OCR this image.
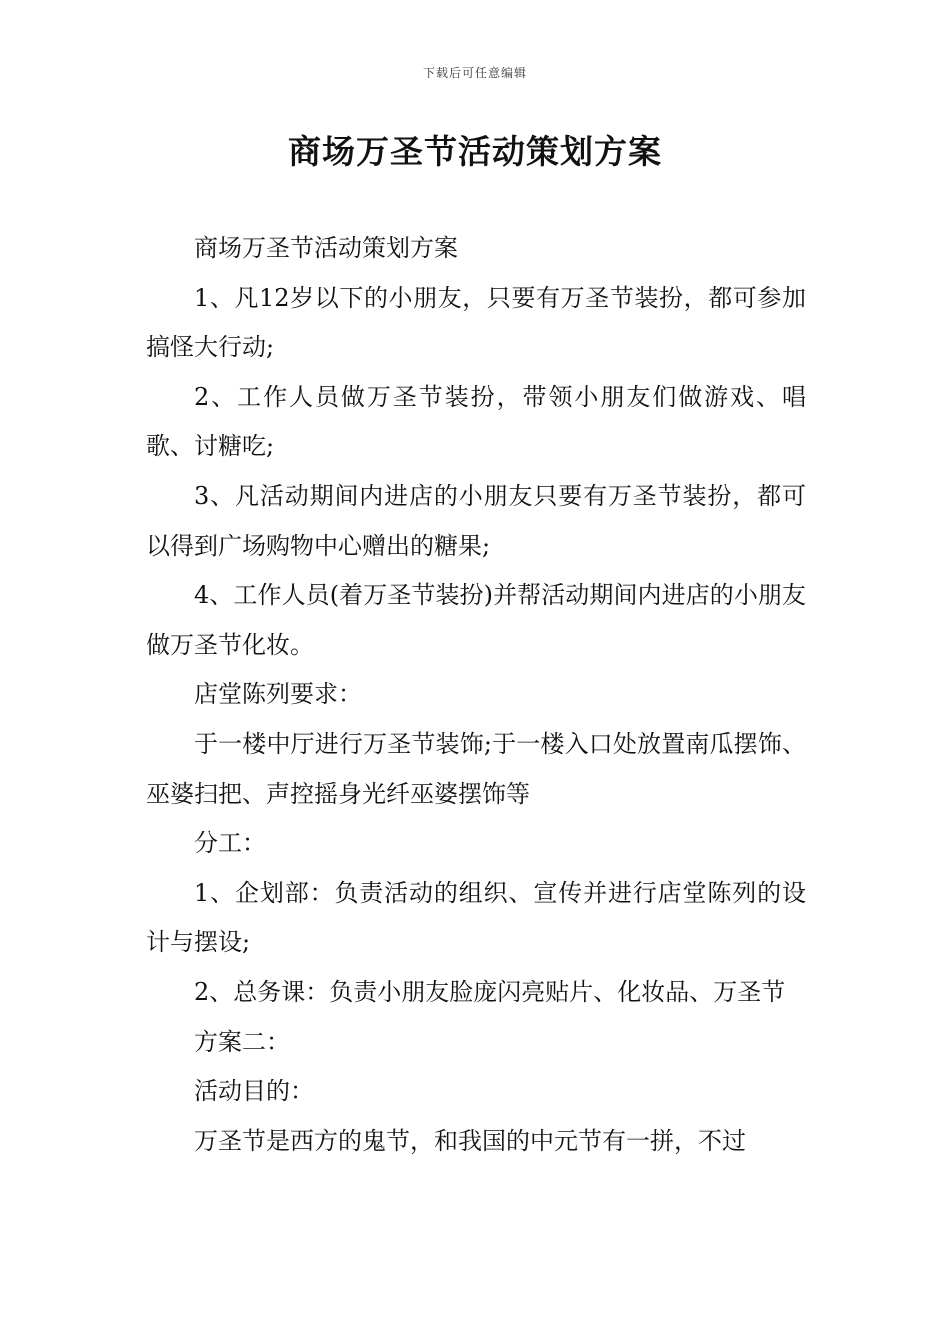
下载后可任意编辑
商场万圣节活动策划方案

商场万圣节活动策划方案

1、凡12岁以下的小朋友，只要有万圣节装扮，都可参加搞怪大行动;

2、工作人员做万圣节装扮，带领小朋友们做游戏、唱歌、讨糖吃;

3、凡活动期间内进店的小朋友只要有万圣节装扮，都可以得到广场购物中心赠出的糖果;

4、工作人员(着万圣节装扮)并帮活动期间内进店的小朋友做万圣节化妆。

店堂陈列要求：

于一楼中厅进行万圣节装饰;于一楼入口处放置南瓜摆饰、巫婆扫把、声控摇身光纤巫婆摆饰等

分工：

1、企划部：负责活动的组织、宣传并进行店堂陈列的设计与摆设;

2、总务课：负责小朋友脸庞闪亮贴片、化妆品、万圣节

方案二：

活动目的：

万圣节是西方的鬼节，和我国的中元节有一拼，不过
